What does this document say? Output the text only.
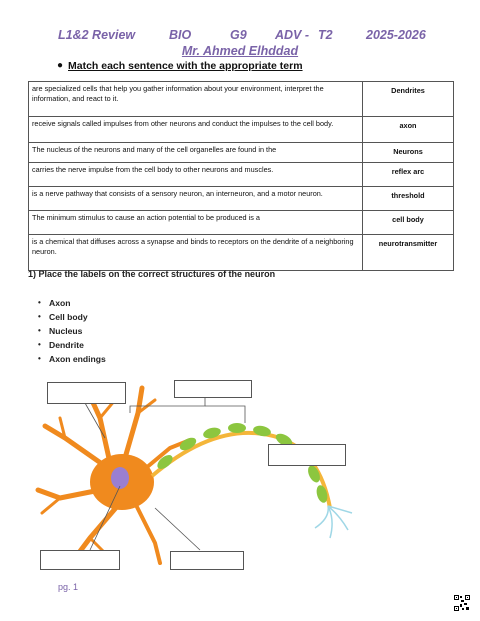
L1&2 Review	BIO	G9 ADV - T2	2025-2026
Mr. Ahmed Elhddad
● Match each sentence with the appropriate term
are specialized cells that help you gather information about your environment, interpret the information, and react to it.	Dendrites
receive signals called impulses from other neurons and conduct the impulses to the cell body.	axon
The nucleus of the neurons and many of the cell organelles are found in the	Neurons
carries the nerve impulse from the cell body to other neurons and muscles.	reflex arc
is a nerve pathway that consists of a sensory neuron, an interneuron, and a motor neuron.	threshold
The minimum stimulus to cause an action potential to be produced is a	cell body
is a chemical that diffuses across a synapse and binds to receptors on the dendrite of a neighboring neuron.	neurotransmitter
1) Place the labels on the correct structures of the neuron
• Axon
• Cell body
• Nucleus
• Dendrite
• Axon endings
pg. 1
